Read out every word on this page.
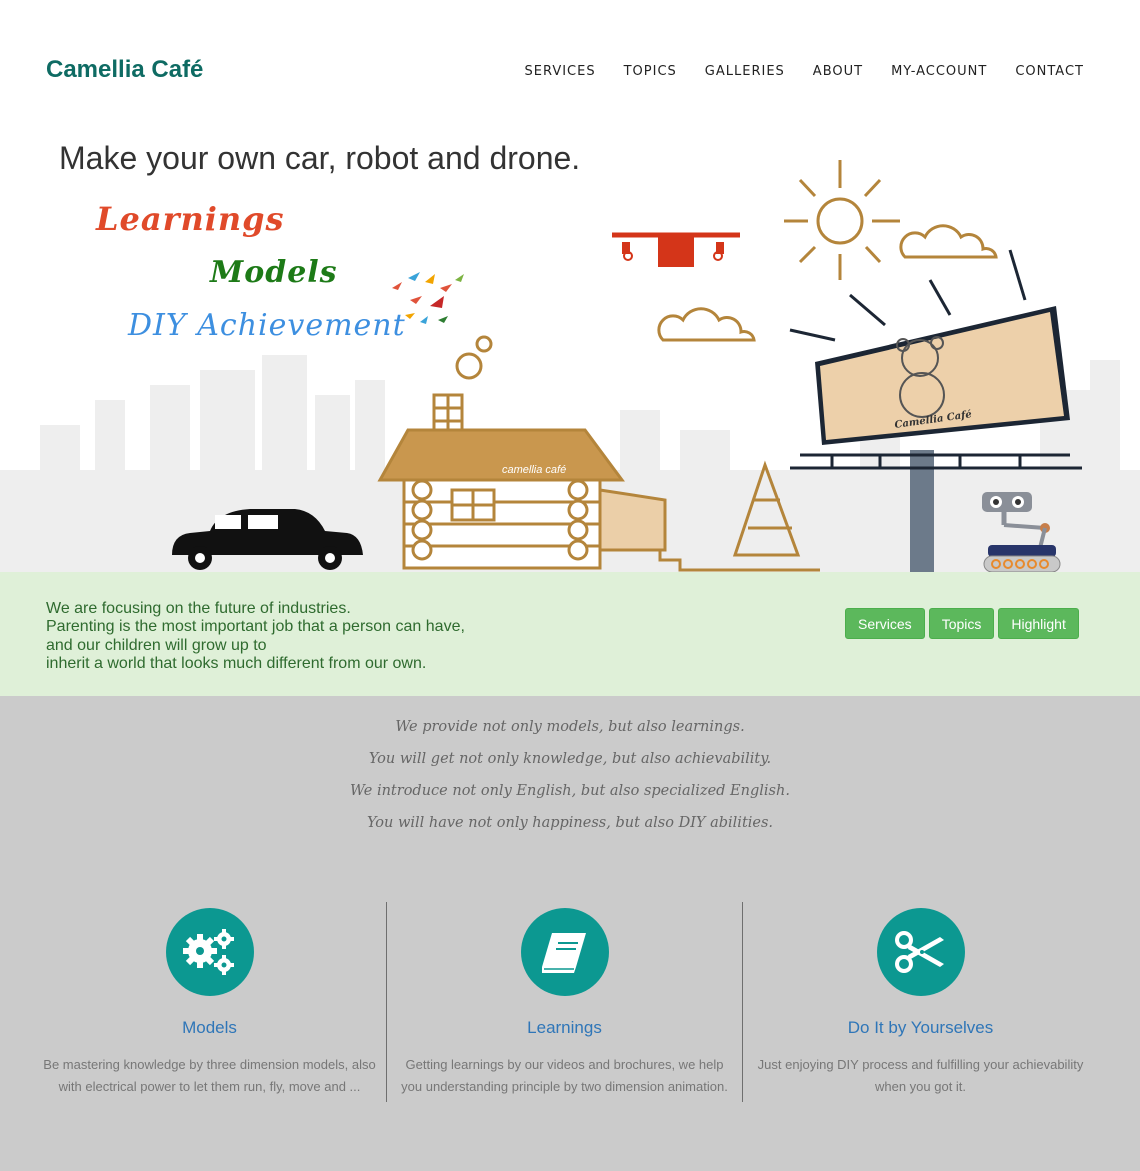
Camellia Café	SERVICES TOPICS GALLERIES ABOUT MY-ACCOUNT CONTACT
camellia café
Camellia Café
Make your own car, robot and drone.
Learnings
Models
DIY Achievement
We are focusing on the future of industries.
Parenting is the most important job that a person can have,
and our children will grow up to
inherit a world that looks much different from our own.
Services	Topics	Highlight
We provide not only models, but also learnings.
You will get not only knowledge, but also achievability.
We introduce not only English, but also specialized English.
You will have not only happiness, but also DIY abilities.
Models

Be mastering knowledge by three dimension models, also
with electrical power to let them run, fly, move and ...

Learnings

Getting learnings by our videos and brochures, we help
you understanding principle by two dimension animation.

Do It by Yourselves

Just enjoying DIY process and fulfilling your achievability
when you got it.
